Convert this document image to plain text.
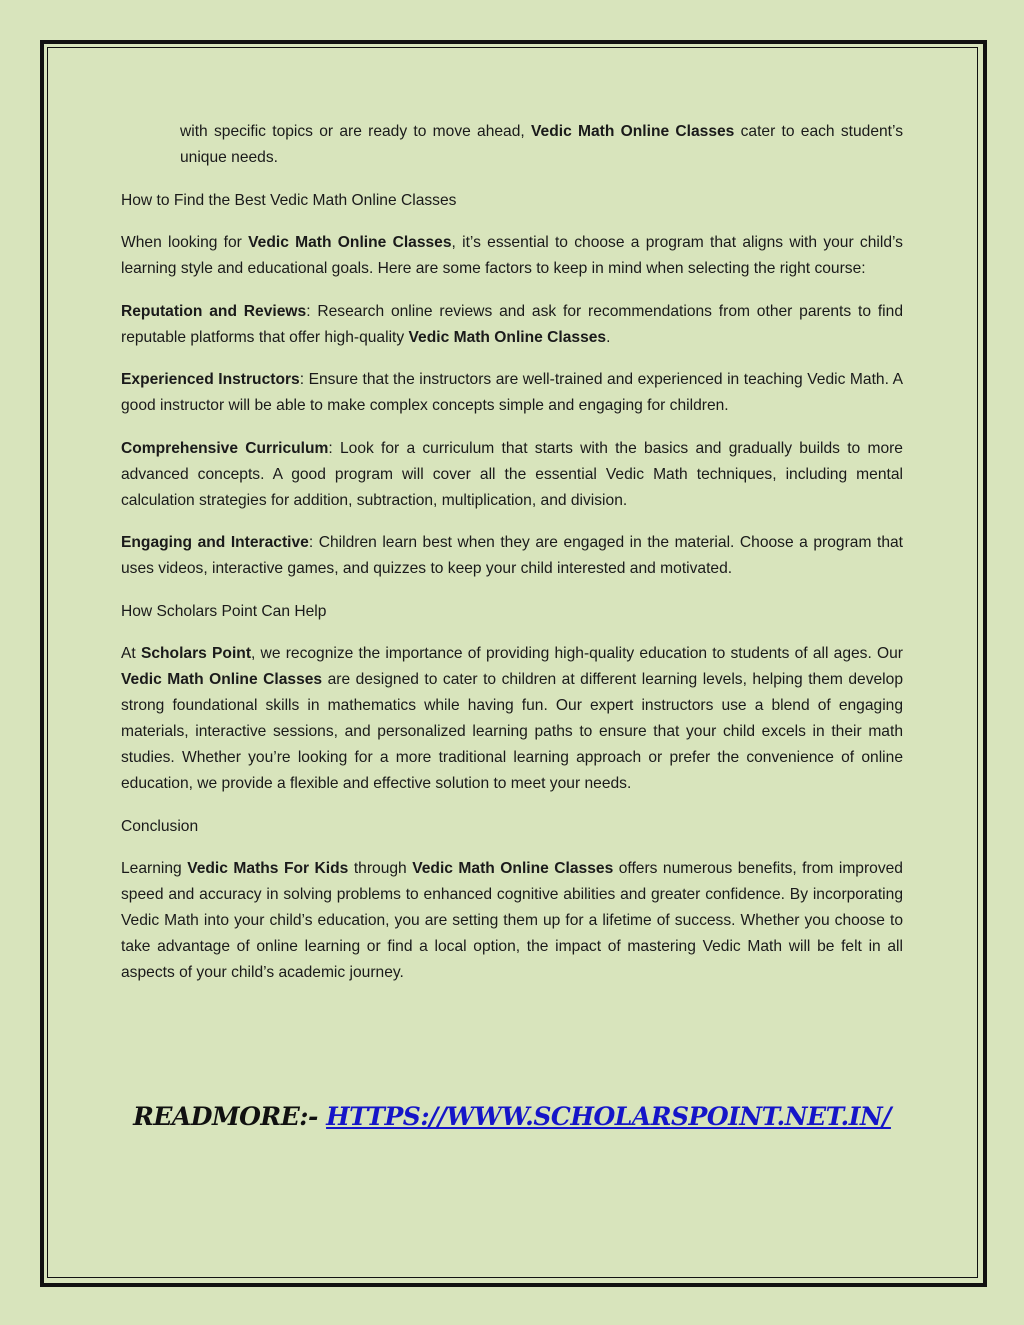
with specific topics or are ready to move ahead, Vedic Math Online Classes cater to each student’s unique needs.

How to Find the Best Vedic Math Online Classes

When looking for Vedic Math Online Classes, it’s essential to choose a program that aligns with your child’s learning style and educational goals. Here are some factors to keep in mind when selecting the right course:

Reputation and Reviews: Research online reviews and ask for recommendations from other parents to find reputable platforms that offer high-quality Vedic Math Online Classes.

Experienced Instructors: Ensure that the instructors are well-trained and experienced in teaching Vedic Math. A good instructor will be able to make complex concepts simple and engaging for children.

Comprehensive Curriculum: Look for a curriculum that starts with the basics and gradually builds to more advanced concepts. A good program will cover all the essential Vedic Math techniques, including mental calculation strategies for addition, subtraction, multiplication, and division.

Engaging and Interactive: Children learn best when they are engaged in the material. Choose a program that uses videos, interactive games, and quizzes to keep your child interested and motivated.

How Scholars Point Can Help

At Scholars Point, we recognize the importance of providing high-quality education to students of all ages. Our Vedic Math Online Classes are designed to cater to children at different learning levels, helping them develop strong foundational skills in mathematics while having fun. Our expert instructors use a blend of engaging materials, interactive sessions, and personalized learning paths to ensure that your child excels in their math studies. Whether you’re looking for a more traditional learning approach or prefer the convenience of online education, we provide a flexible and effective solution to meet your needs.

Conclusion

Learning Vedic Maths For Kids through Vedic Math Online Classes offers numerous benefits, from improved speed and accuracy in solving problems to enhanced cognitive abilities and greater confidence. By incorporating Vedic Math into your child’s education, you are setting them up for a lifetime of success. Whether you choose to take advantage of online learning or find a local option, the impact of mastering Vedic Math will be felt in all aspects of your child’s academic journey.

READMORE:- HTTPS://WWW.SCHOLARSPOINT.NET.IN/
